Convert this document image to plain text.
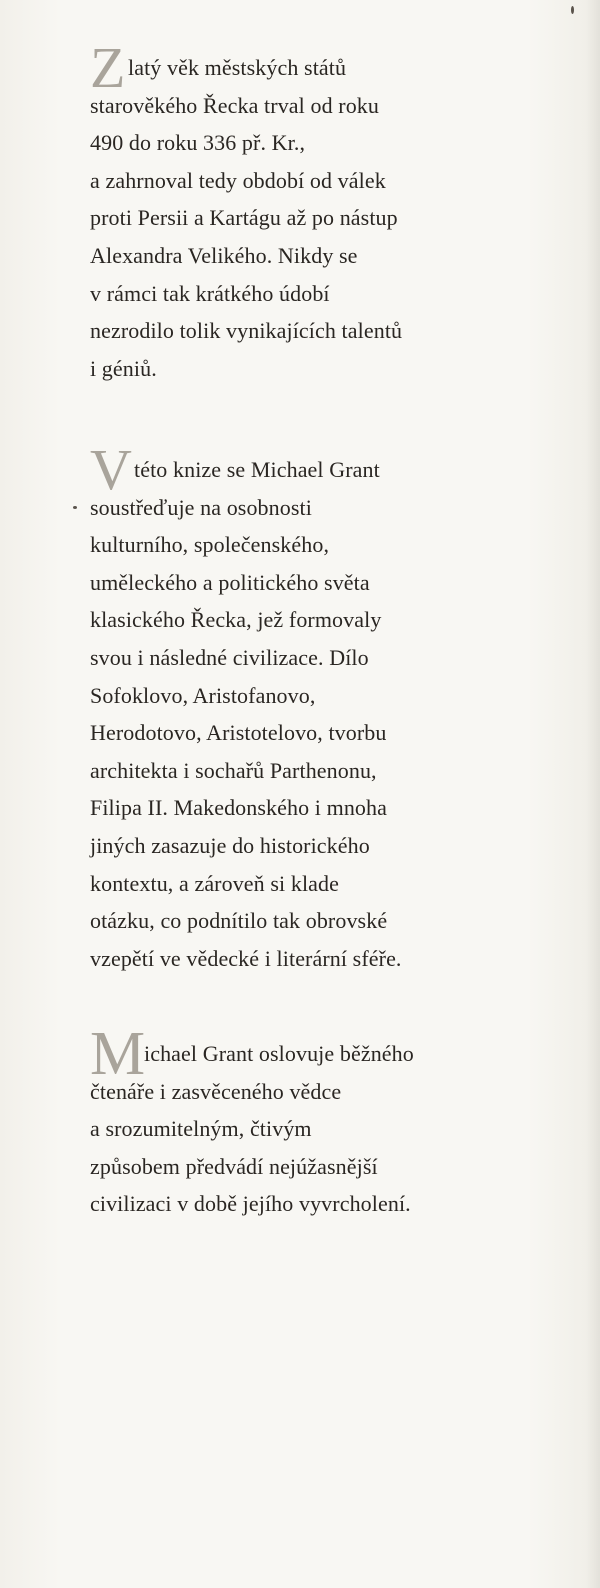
Z latý věk městských států
starověkého Řecka trval od roku
490 do roku 336 př. Kr.,
a zahrnoval tedy období od válek
proti Persii a Kartágu až po nástup
Alexandra Velikého. Nikdy se
v rámci tak krátkého údobí
nezrodilo tolik vynikajících talentů
i géniů.
V této knize se Michael Grant
soustřeďuje na osobnosti
kulturního, společenského,
uměleckého a politického světa
klasického Řecka, jež formovaly
svou i následné civilizace. Dílo
Sofoklovo, Aristofanovo,
Herodotovo, Aristotelovo, tvorbu
architekta i sochařů Parthenonu,
Filipa II. Makedonského i mnoha
jiných zasazuje do historického
kontextu, a zároveň si klade
otázku, co podnítilo tak obrovské
vzepětí ve vědecké i literární sféře.
M
ichael Grant oslovuje běžného
čtenáře i zasvěceného vědce
a srozumitelným, čtivým
způsobem předvádí nejúžasnější
civilizaci v době jejího vyvrcholení.
